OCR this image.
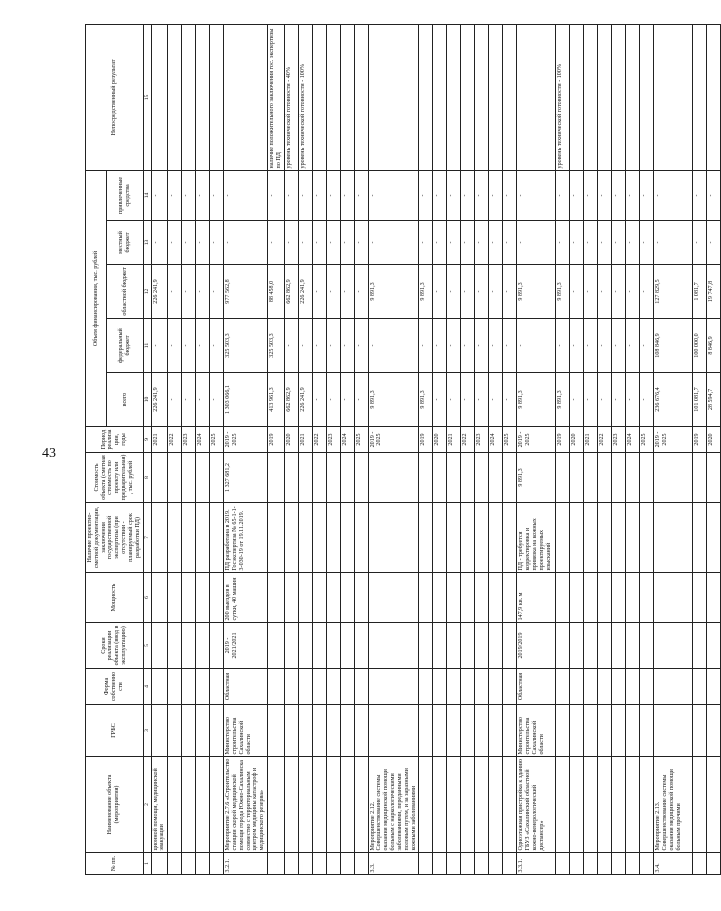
43
№ пп.	Наименование объекта (мероприятия)	ГРБС	Форма собственности	Сроки реализации объекта (ввод в эксплуатацию)	Мощность	Наличие проектно-сметной документации, заключения государственной экспертизы (при отсутствии - планируемый срок разработки ПД)	Стоимость объекта (сметная стоимость по проекту или предварительная), тыс. рублей	Период реализации, годы	Объем финансирования, тыс. рублей					Непосредственный результат
									всего	федеральный бюджет	областной бюджет	местный бюджет	привлеченные средства	
1	2	3	4	5	6	7	8	9	10	11	12	13	14	15
	ционной помощи, медицинской эвакуации							2021	226 241,9	-	226 241,9	-	-	
								2022	-	-	-	-	-	
								2023	-	-	-	-	-	
								2024	-	-	-	-	-	
								2025	-	-	-	-	-	
3.2.1.	Мероприятие 2.7.6 «Строительство станции скорой медицинской помощи города Южно-Сахалинска совместно с территориальным центром медицины катастроф и медицинского резерва»	Министерство строительства Сахалинской области	Областная	2019 - 2021/2021	200 выездов в сутки, 40 машин	ПД разработана в 2019. Госэкспертиза № 65-1-1-3-030-19 от 19.11.2019.	1 327 681,2	2019 - 2025	1 303 066,1	325 503,3	977 562,8	-	-	
								2019	413 961,3	325 503,3	88 458,0	-	-	наличие положительного заключения гос. экспертизы по ПД
								2020	662 862,9	-	662 862,9	-	-	уровень технической готовности - 40%
								2021	226 241,9	-	226 241,9	-	-	уровень технической готовности - 100%
								2022	-	-	-	-	-	
								2023	-	-	-	-	-	
								2024	-	-	-	-	-	
								2025	-	-	-	-	-	
3.3.	Мероприятие 2.12. Совершенствование системы оказания медицинской помощи больным с наркологическими заболеваниями, переданными половым путем, и за заразными кожными заболеваниями							2019 - 2025	9 891,3	-	9 891,3	-	-	
								2019	9 891,3	-	9 891,3	-	-	
								2020	-	-	-	-	-	
								2021	-	-	-	-	-	
								2022	-	-	-	-	-	
								2023	-	-	-	-	-	
								2024	-	-	-	-	-	
								2025	-	-	-	-	-	
3.3.1.	Одноэтажная пристройка к зданию ГБУЗ «Сахалинский областной кожно-венерологический диспансер»	Министерство строительства Сахалинской области	Областная	2019/2019	147,9 кв. м	ПД - требуется корректировка и привязка на кожных проектируемых изысканий	9 891,3	2019 - 2025	9 891,3	-	9 891,3	-	-	
								2019	9 891,3	-	9 891,3	-	-	уровень технической готовности - 100%
								2020	-	-	-	-	-	
								2021	-	-	-	-	-	
								2022	-	-	-	-	-	
								2023	-	-	-	-	-	
								2024	-	-	-	-	-	
								2025	-	-	-	-	-	
3.4.	Мероприятие 2.13. Совершенствование системы оказания медицинской помощи больным прочими							2019 - 2025	236 676,4	108 846,9	127 829,5	-	-	
								2019	101 081,7	100 000,0	1 081,7	-	-	
								2020	28 594,7	8 846,9	19 747,8	-	-	
